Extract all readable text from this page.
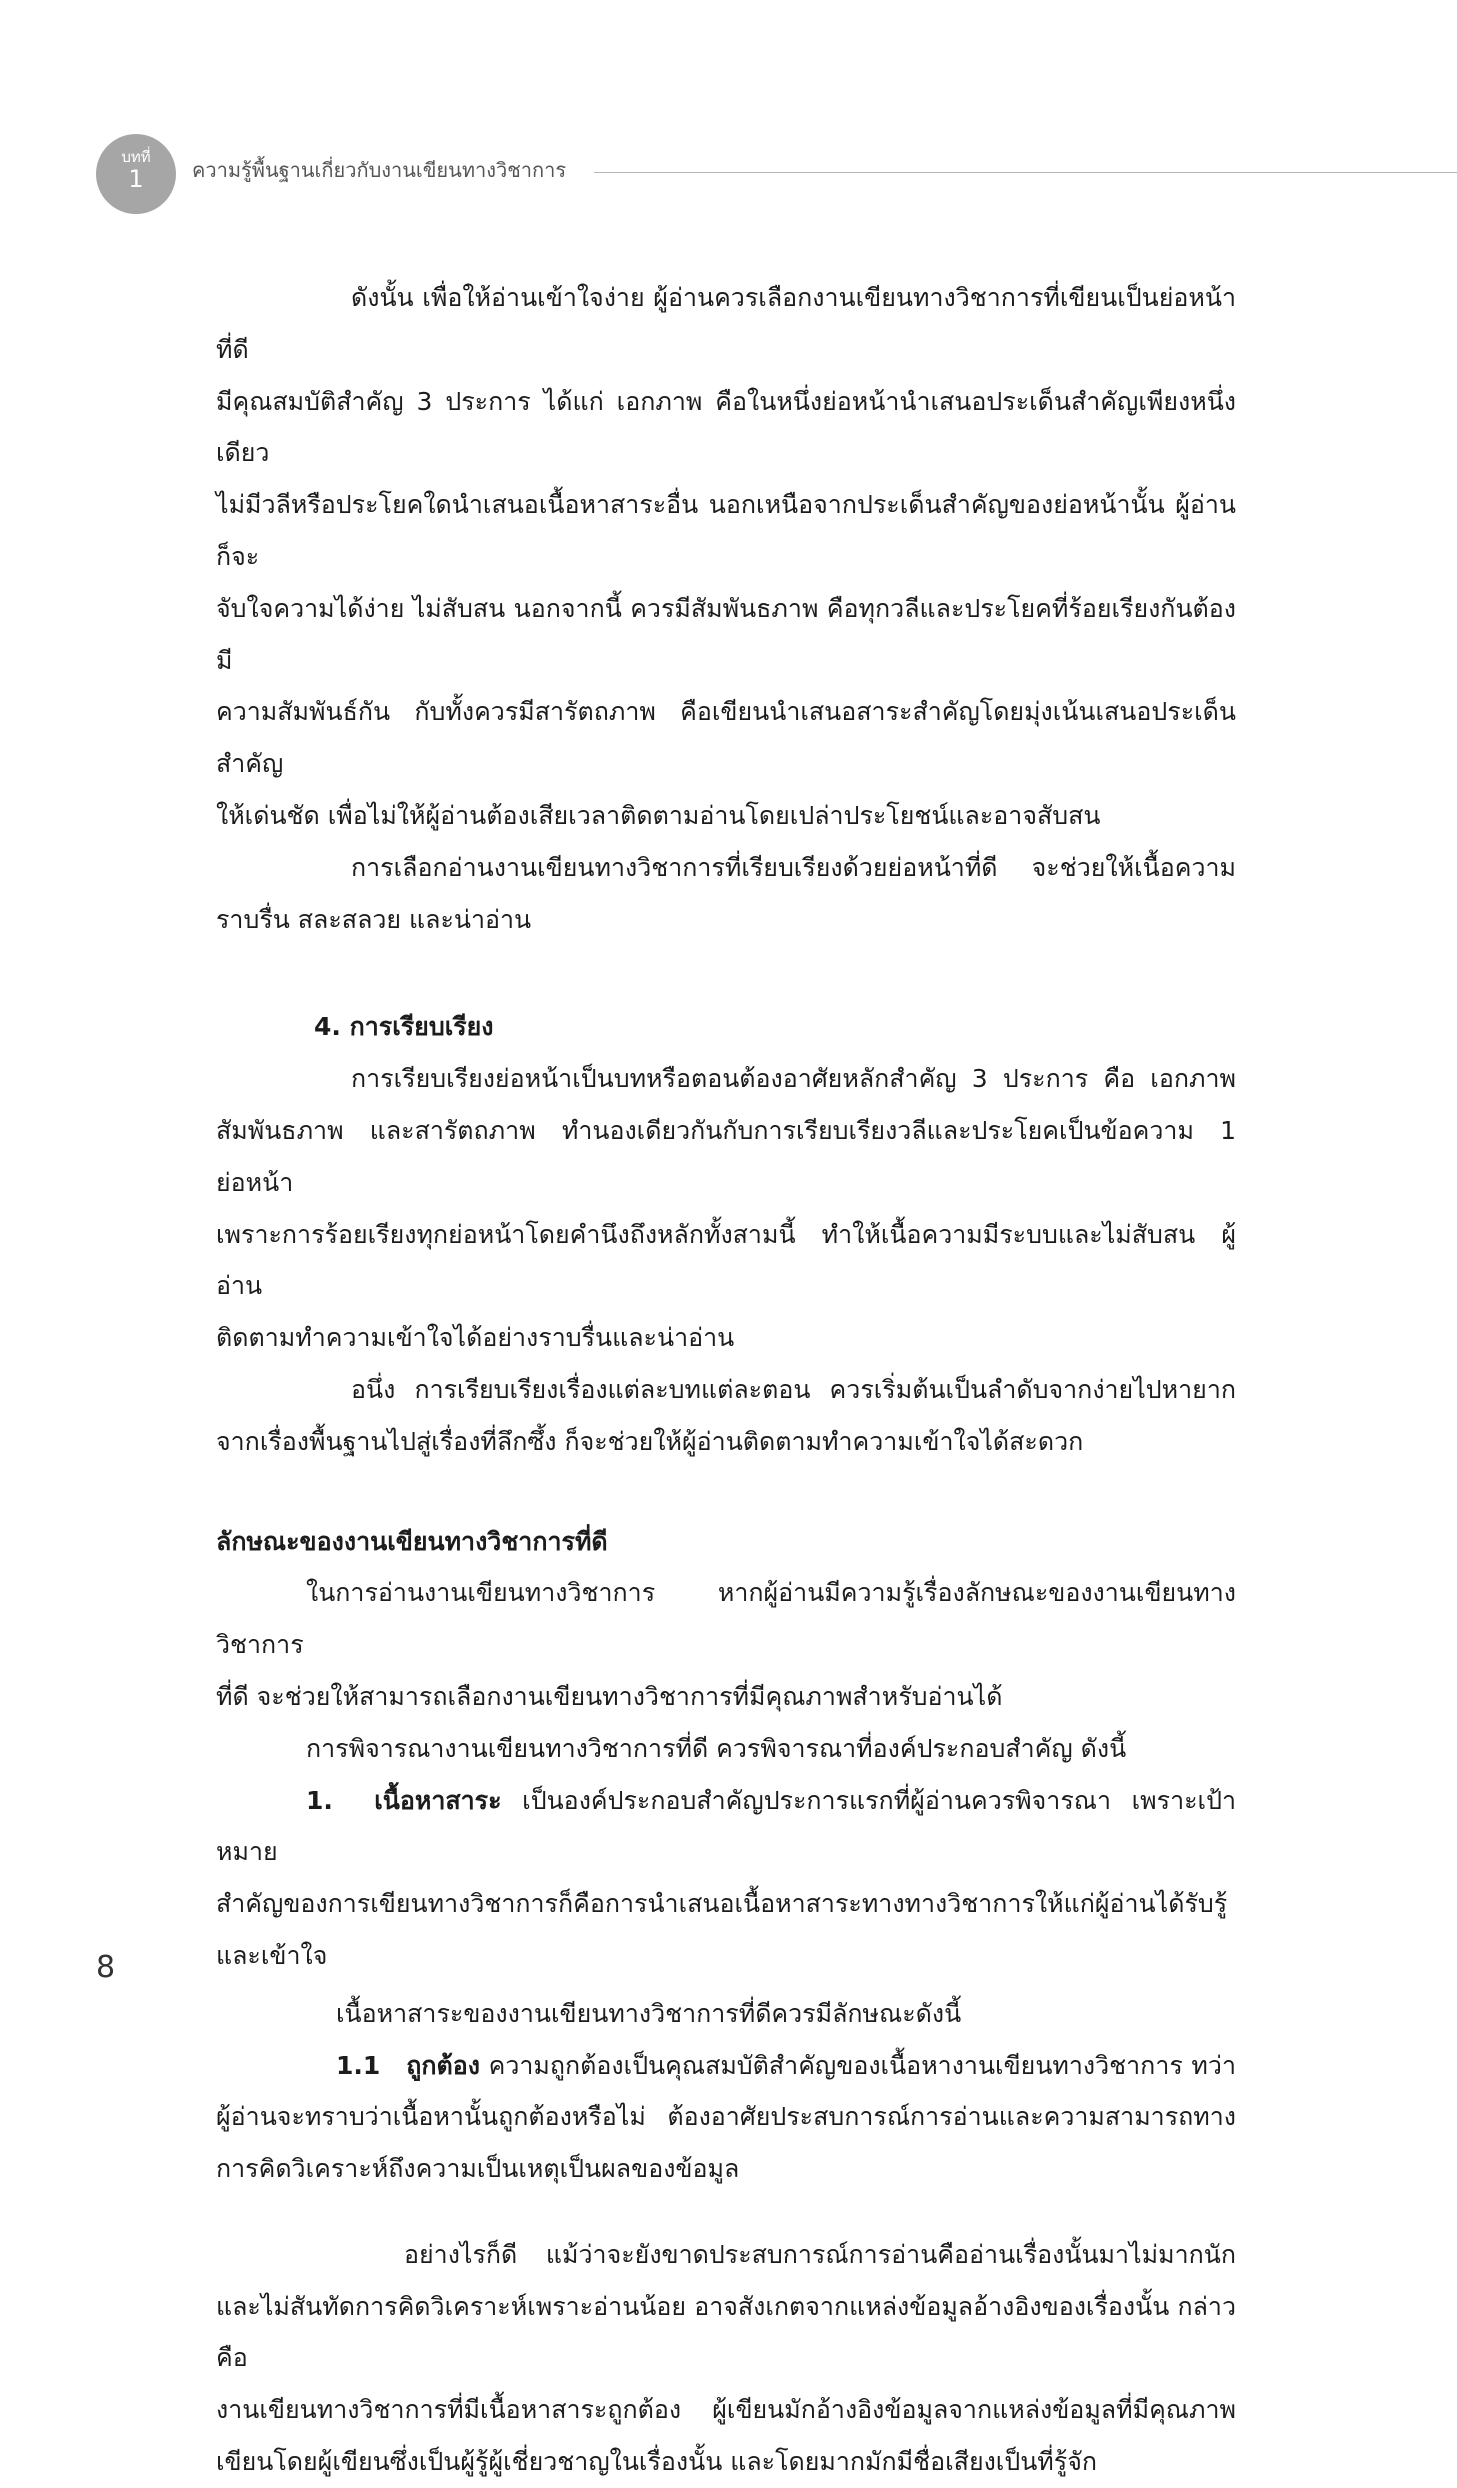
บทที่
1	ความรู้พื้นฐานเกี่ยวกับงานเขียนทางวิชาการ

ดังนั้น เพื่อให้อ่านเข้าใจง่าย ผู้อ่านควรเลือกงานเขียนทางวิชาการที่เขียนเป็นย่อหน้าที่ดี

มีคุณสมบัติสำคัญ 3 ประการ ได้แก่ เอกภาพ คือในหนึ่งย่อหน้านำเสนอประเด็นสำคัญเพียงหนึ่งเดียว

ไม่มีวลีหรือประโยคใดนำเสนอเนื้อหาสาระอื่น นอกเหนือจากประเด็นสำคัญของย่อหน้านั้น ผู้อ่านก็จะ

จับใจความได้ง่าย ไม่สับสน นอกจากนี้ ควรมีสัมพันธภาพ คือทุกวลีและประโยคที่ร้อยเรียงกันต้องมี

ความสัมพันธ์กัน กับทั้งควรมีสารัตถภาพ คือเขียนนำเสนอสาระสำคัญโดยมุ่งเน้นเสนอประเด็นสำคัญ

ให้เด่นชัด เพื่อไม่ให้ผู้อ่านต้องเสียเวลาติดตามอ่านโดยเปล่าประโยชน์และอาจสับสน

การเลือกอ่านงานเขียนทางวิชาการที่เรียบเรียงด้วยย่อหน้าที่ดี จะช่วยให้เนื้อความ

ราบรื่น สละสลวย และน่าอ่าน

4. การเรียบเรียง

การเรียบเรียงย่อหน้าเป็นบทหรือตอนต้องอาศัยหลักสำคัญ 3 ประการ คือ เอกภาพ

สัมพันธภาพ และสารัตถภาพ ทำนองเดียวกันกับการเรียบเรียงวลีและประโยคเป็นข้อความ 1 ย่อหน้า

เพราะการร้อยเรียงทุกย่อหน้าโดยคำนึงถึงหลักทั้งสามนี้ ทำให้เนื้อความมีระบบและไม่สับสน ผู้อ่าน

ติดตามทำความเข้าใจได้อย่างราบรื่นและน่าอ่าน

อนึ่ง การเรียบเรียงเรื่องแต่ละบทแต่ละตอน ควรเริ่มต้นเป็นลำดับจากง่ายไปหายาก

จากเรื่องพื้นฐานไปสู่เรื่องที่ลึกซึ้ง ก็จะช่วยให้ผู้อ่านติดตามทำความเข้าใจได้สะดวก

ลักษณะของงานเขียนทางวิชาการที่ดี

ในการอ่านงานเขียนทางวิชาการ หากผู้อ่านมีความรู้เรื่องลักษณะของงานเขียนทางวิชาการ

ที่ดี จะช่วยให้สามารถเลือกงานเขียนทางวิชาการที่มีคุณภาพสำหรับอ่านได้

การพิจารณางานเขียนทางวิชาการที่ดี ควรพิจารณาที่องค์ประกอบสำคัญ ดังนี้

1. เนื้อหาสาระ เป็นองค์ประกอบสำคัญประการแรกที่ผู้อ่านควรพิจารณา เพราะเป้าหมาย

สำคัญของการเขียนทางวิชาการก็คือการนำเสนอเนื้อหาสาระทางทางวิชาการให้แก่ผู้อ่านได้รับรู้

และเข้าใจ

เนื้อหาสาระของงานเขียนทางวิชาการที่ดีควรมีลักษณะดังนี้

1.1 ถูกต้อง ความถูกต้องเป็นคุณสมบัติสำคัญของเนื้อหางานเขียนทางวิชาการ ทว่า

ผู้อ่านจะทราบว่าเนื้อหานั้นถูกต้องหรือไม่ ต้องอาศัยประสบการณ์การอ่านและความสามารถทาง

การคิดวิเคราะห์ถึงความเป็นเหตุเป็นผลของข้อมูล

อย่างไรก็ดี แม้ว่าจะยังขาดประสบการณ์การอ่านคืออ่านเรื่องนั้นมาไม่มากนัก

และไม่สันทัดการคิดวิเคราะห์เพราะอ่านน้อย อาจสังเกตจากแหล่งข้อมูลอ้างอิงของเรื่องนั้น กล่าวคือ

งานเขียนทางวิชาการที่มีเนื้อหาสาระถูกต้อง ผู้เขียนมักอ้างอิงข้อมูลจากแหล่งข้อมูลที่มีคุณภาพ

เขียนโดยผู้เขียนซึ่งเป็นผู้รู้ผู้เชี่ยวชาญในเรื่องนั้น และโดยมากมักมีชื่อเสียงเป็นที่รู้จัก

8
